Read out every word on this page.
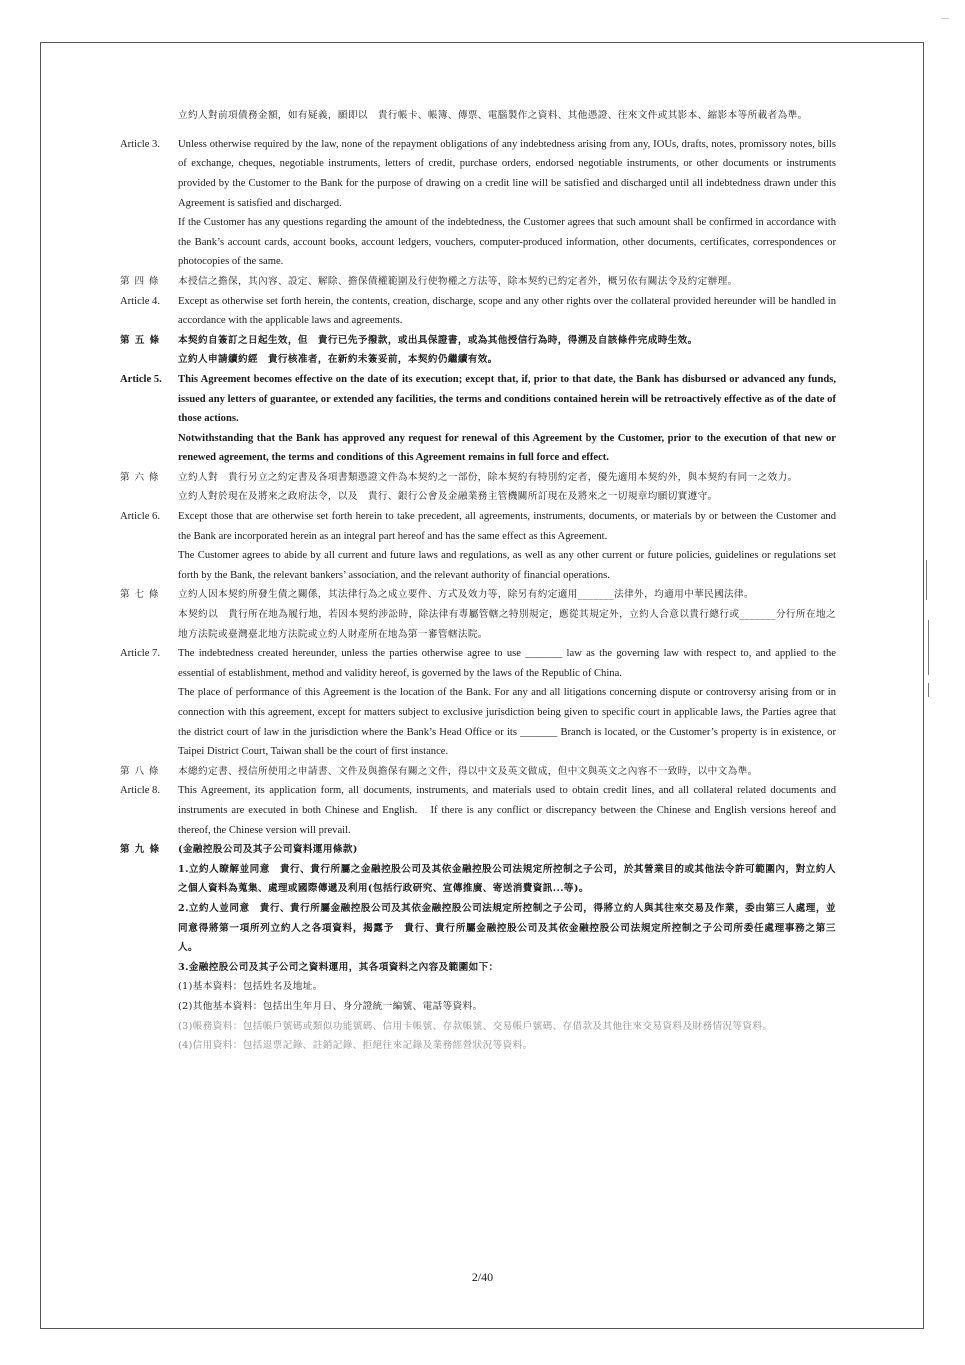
立約人對前項債務金額，如有疑義，願即以　貴行帳卡、帳簿、傳票、電腦製作之資料、其他憑證、往來文件或其影本、縮影本等所載者為準。

Article 3.	Unless otherwise required by the law, none of the repayment obligations of any indebtedness arising from any, IOUs, drafts, notes, promissory notes, bills of exchange, cheques, negotiable instruments, letters of credit, purchase orders, endorsed negotiable instruments, or other documents or instruments provided by the Customer to the Bank for the purpose of drawing on a credit line will be satisfied and discharged until all indebtedness drawn under this Agreement is satisfied and discharged.

If the Customer has any questions regarding the amount of the indebtedness, the Customer agrees that such amount shall be confirmed in accordance with the Bank’s account cards, account books, account ledgers, vouchers, computer-produced information, other documents, certificates, correspondences or photocopies of the same.

第 四 條	本授信之擔保，其內容、設定、解除、擔保債權範圍及行使物權之方法等，除本契約已約定者外，概另依有關法令及約定辦理。
Article 4.	Except as otherwise set forth herein, the contents, creation, discharge, scope and any other rights over the collateral provided hereunder will be handled in accordance with the applicable laws and agreements.
第 五 條	本契約自簽訂之日起生效，但　貴行已先予撥款，或出具保證書，或為其他授信行為時，得溯及自該條件完成時生效。

立約人申請續約經　貴行核准者，在新約未簽妥前，本契約仍繼續有效。

Article 5.	This Agreement becomes effective on the date of its execution; except that, if, prior to that date, the Bank has disbursed or advanced any funds, issued any letters of guarantee, or extended any facilities, the terms and conditions contained herein will be retroactively effective as of the date of those actions.

Notwithstanding that the Bank has approved any request for renewal of this Agreement by the Customer, prior to the execution of that new or renewed agreement, the terms and conditions of this Agreement remains in full force and effect.

第 六 條	立約人對　貴行另立之約定書及各項書類憑證文件為本契約之一部份，除本契約有特別約定者，優先適用本契約外，與本契約有同一之效力。

立約人對於現在及將來之政府法令，以及　貴行、銀行公會及金融業務主管機關所訂現在及將來之一切規章均願切實遵守。

Article 6.	Except those that are otherwise set forth herein to take precedent, all agreements, instruments, documents, or materials by or between the Customer and the Bank are incorporated herein as an integral part hereof and has the same effect as this Agreement.

The Customer agrees to abide by all current and future laws and regulations, as well as any other current or future policies, guidelines or regulations set forth by the Bank, the relevant bankers’ association, and the relevant authority of financial operations.

第 七 條	立約人因本契約所發生債之關係，其法律行為之成立要件、方式及效力等，除另有約定適用_______法律外，均適用中華民國法律。

本契約以　貴行所在地為履行地，若因本契約涉訟時，除法律有專屬管轄之特別規定，應從其規定外，立約人合意以貴行總行或_______分行所在地之地方法院或臺灣臺北地方法院或立約人財產所在地為第一審管轄法院。

Article 7.	The indebtedness created hereunder, unless the parties otherwise agree to use _______ law as the governing law with respect to, and applied to the essential of establishment, method and validity hereof, is governed by the laws of the Republic of China.

The place of performance of this Agreement is the location of the Bank. For any and all litigations concerning dispute or controversy arising from or in connection with this agreement, except for matters subject to exclusive jurisdiction being given to specific court in applicable laws, the Parties agree that the district court of law in the jurisdiction where the Bank’s Head Office or its _______ Branch is located, or the Customer’s property is in existence, or Taipei District Court, Taiwan shall be the court of first instance.

第 八 條	本總約定書、授信所使用之申請書、文件及與擔保有關之文件，得以中文及英文做成，但中文與英文之內容不一致時，以中文為準。
Article 8.	This Agreement, its application form, all documents, instruments, and materials used to obtain credit lines, and all collateral related documents and instruments are executed in both Chinese and English.　If there is any conflict or discrepancy between the Chinese and English versions hereof and thereof, the Chinese version will prevail.
第 九 條	(金融控股公司及其子公司資料運用條款)

1.立約人瞭解並同意　貴行、貴行所屬之金融控股公司及其依金融控股公司法規定所控制之子公司，於其營業目的或其他法令許可範圍內，對立約人之個人資料為蒐集、處理或國際傳遞及利用(包括行政研究、宣傳推廣、寄送消費資訊...等)。

2.立約人並同意　貴行、貴行所屬金融控股公司及其依金融控股公司法規定所控制之子公司，得將立約人與其往來交易及作業，委由第三人處理，並同意得將第一項所列立約人之各項資料，揭露予　貴行、貴行所屬金融控股公司及其依金融控股公司法規定所控制之子公司所委任處理事務之第三人。

3.金融控股公司及其子公司之資料運用，其各項資料之內容及範圍如下：

(1)基本資料：包括姓名及地址。

(2)其他基本資料：包括出生年月日、身分證統一編號、電話等資料。

(3)帳務資料：包括帳戶號碼或類似功能號碼、信用卡帳號、存款帳號、交易帳戶號碼、存借款及其他往來交易資料及財務情況等資料。

(4)信用資料：包括退票記錄、註銷記錄、拒絕往來記錄及業務經營狀況等資料。

2/40
